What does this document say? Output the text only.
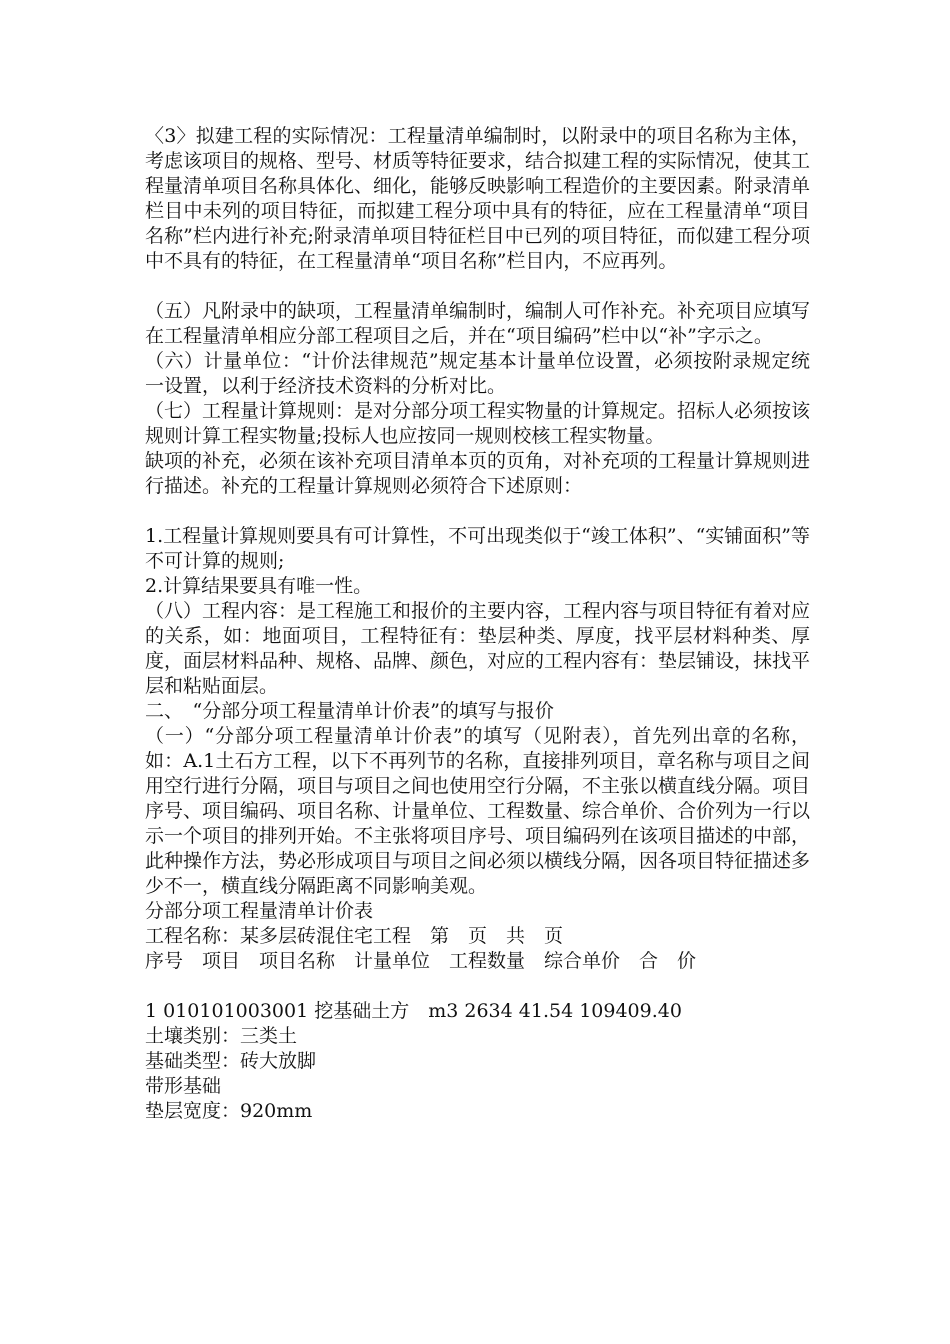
〈3〉拟建工程的实际情况：工程量清单编制时，以附录中的项目名称为主体，考虑该项目的规格、型号、材质等特征要求，结合拟建工程的实际情况，使其工程量清单项目名称具体化、细化，能够反映影响工程造价的主要因素。附录清单栏目中未列的项目特征，而拟建工程分项中具有的特征，应在工程量清单“项目名称”栏内进行补充;附录清单项目特征栏目中已列的项目特征，而似建工程分项中不具有的特征，在工程量清单“项目名称”栏目内，不应再列。

（五）凡附录中的缺项，工程量清单编制时，编制人可作补充。补充项目应填写在工程量清单相应分部工程项目之后，并在“项目编码”栏中以“补”字示之。

（六）计量单位：“计价法律规范”规定基本计量单位设置，必须按附录规定统一设置，以利于经济技术资料的分析对比。

（七）工程量计算规则：是对分部分项工程实物量的计算规定。招标人必须按该规则计算工程实物量;投标人也应按同一规则校核工程实物量。

缺项的补充，必须在该补充项目清单本页的页角，对补充项的工程量计算规则进行描述。补充的工程量计算规则必须符合下述原则：

1.工程量计算规则要具有可计算性，不可出现类似于“竣工体积”、“实铺面积”等不可计算的规则;

2.计算结果要具有唯一性。

（八）工程内容：是工程施工和报价的主要内容，工程内容与项目特征有着对应的关系，如：地面项目，工程特征有：垫层种类、厚度，找平层材料种类、厚度，面层材料品种、规格、品牌、颜色，对应的工程内容有：垫层铺设，抹找平层和粘贴面层。

二、　“分部分项工程量清单计价表”的填写与报价

（一）“分部分项工程量清单计价表”的填写（见附表），首先列出章的名称，如：A.1土石方工程，以下不再列节的名称，直接排列项目，章名称与项目之间用空行进行分隔，项目与项目之间也使用空行分隔，不主张以横直线分隔。项目序号、项目编码、项目名称、计量单位、工程数量、综合单价、合价列为一行以示一个项目的排列开始。不主张将项目序号、项目编码列在该项目描述的中部，此种操作方法，势必形成项目与项目之间必须以横线分隔，因各项目特征描述多少不一，横直线分隔距离不同影响美观。

分部分项工程量清单计价表

工程名称：某多层砖混住宅工程　第　页　共　页

序号　项目　项目名称　计量单位　工程数量　综合单价　合　价

1 010101003001 挖基础土方　m3 2634 41.54 109409.40

土壤类别：三类土

基础类型：砖大放脚

带形基础

垫层宽度：920mm
